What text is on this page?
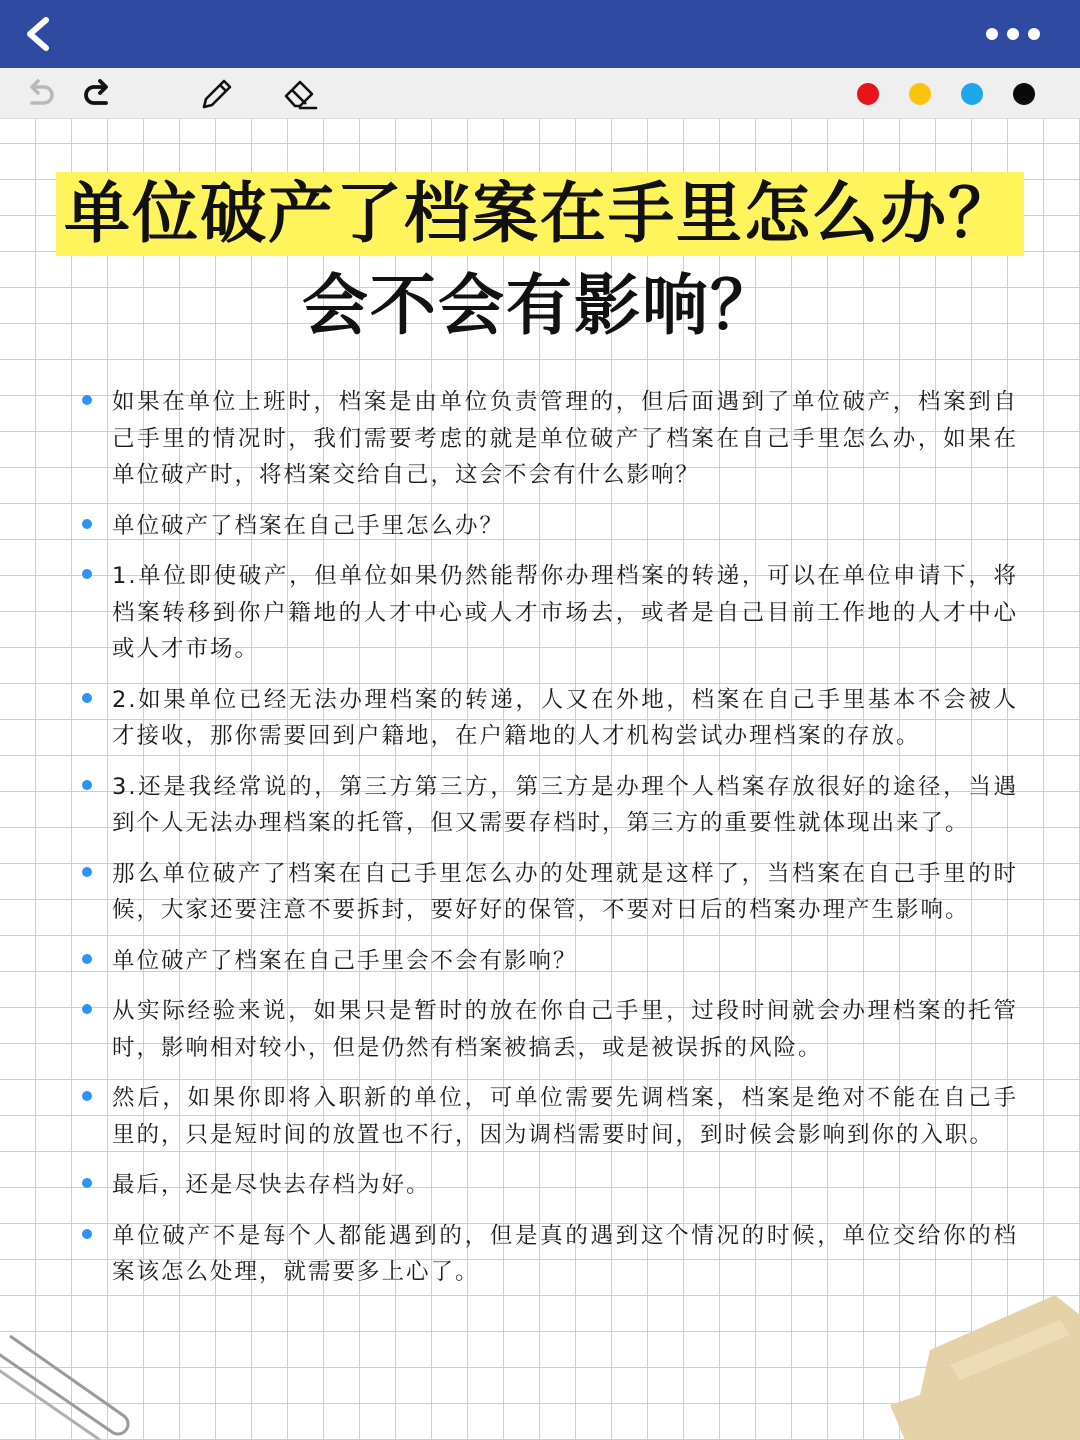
单位破产了档案在手里怎么办？
会不会有影响？
如果在单位上班时，档案是由单位负责管理的，但后面遇到了单位破产，档案到自己手里的情况时，我们需要考虑的就是单位破产了档案在自己手里怎么办，如果在单位破产时，将档案交给自己，这会不会有什么影响？
单位破产了档案在自己手里怎么办？
1.单位即使破产，但单位如果仍然能帮你办理档案的转递，可以在单位申请下，将档案转移到你户籍地的人才中心或人才市场去，或者是自己目前工作地的人才中心或人才市场。
2.如果单位已经无法办理档案的转递，人又在外地，档案在自己手里基本不会被人才接收，那你需要回到户籍地，在户籍地的人才机构尝试办理档案的存放。
3.还是我经常说的，第三方第三方，第三方是办理个人档案存放很好的途径，当遇到个人无法办理档案的托管，但又需要存档时，第三方的重要性就体现出来了。
那么单位破产了档案在自己手里怎么办的处理就是这样了，当档案在自己手里的时候，大家还要注意不要拆封，要好好的保管，不要对日后的档案办理产生影响。
单位破产了档案在自己手里会不会有影响？
从实际经验来说，如果只是暂时的放在你自己手里，过段时间就会办理档案的托管时，影响相对较小，但是仍然有档案被搞丢，或是被误拆的风险。
然后，如果你即将入职新的单位，可单位需要先调档案，档案是绝对不能在自己手里的，只是短时间的放置也不行，因为调档需要时间，到时候会影响到你的入职。
最后，还是尽快去存档为好。
单位破产不是每个人都能遇到的，但是真的遇到这个情况的时候，单位交给你的档案该怎么处理，就需要多上心了。
